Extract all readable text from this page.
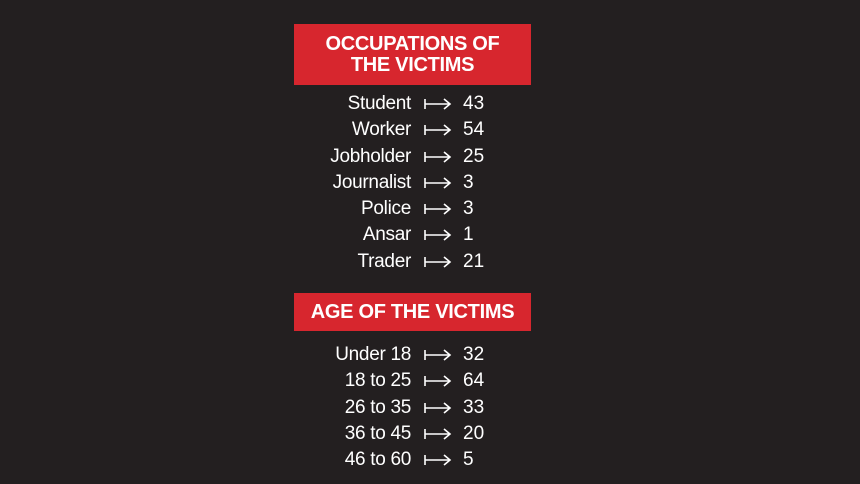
OCCUPATIONS OF
THE VICTIMS
Student	43
Worker	54
Jobholder	25
Journalist	3
Police	3
Ansar	1
Trader	21
AGE OF THE VICTIMS
Under 18	32
18 to 25	64
26 to 35	33
36 to 45	20
46 to 60	5
